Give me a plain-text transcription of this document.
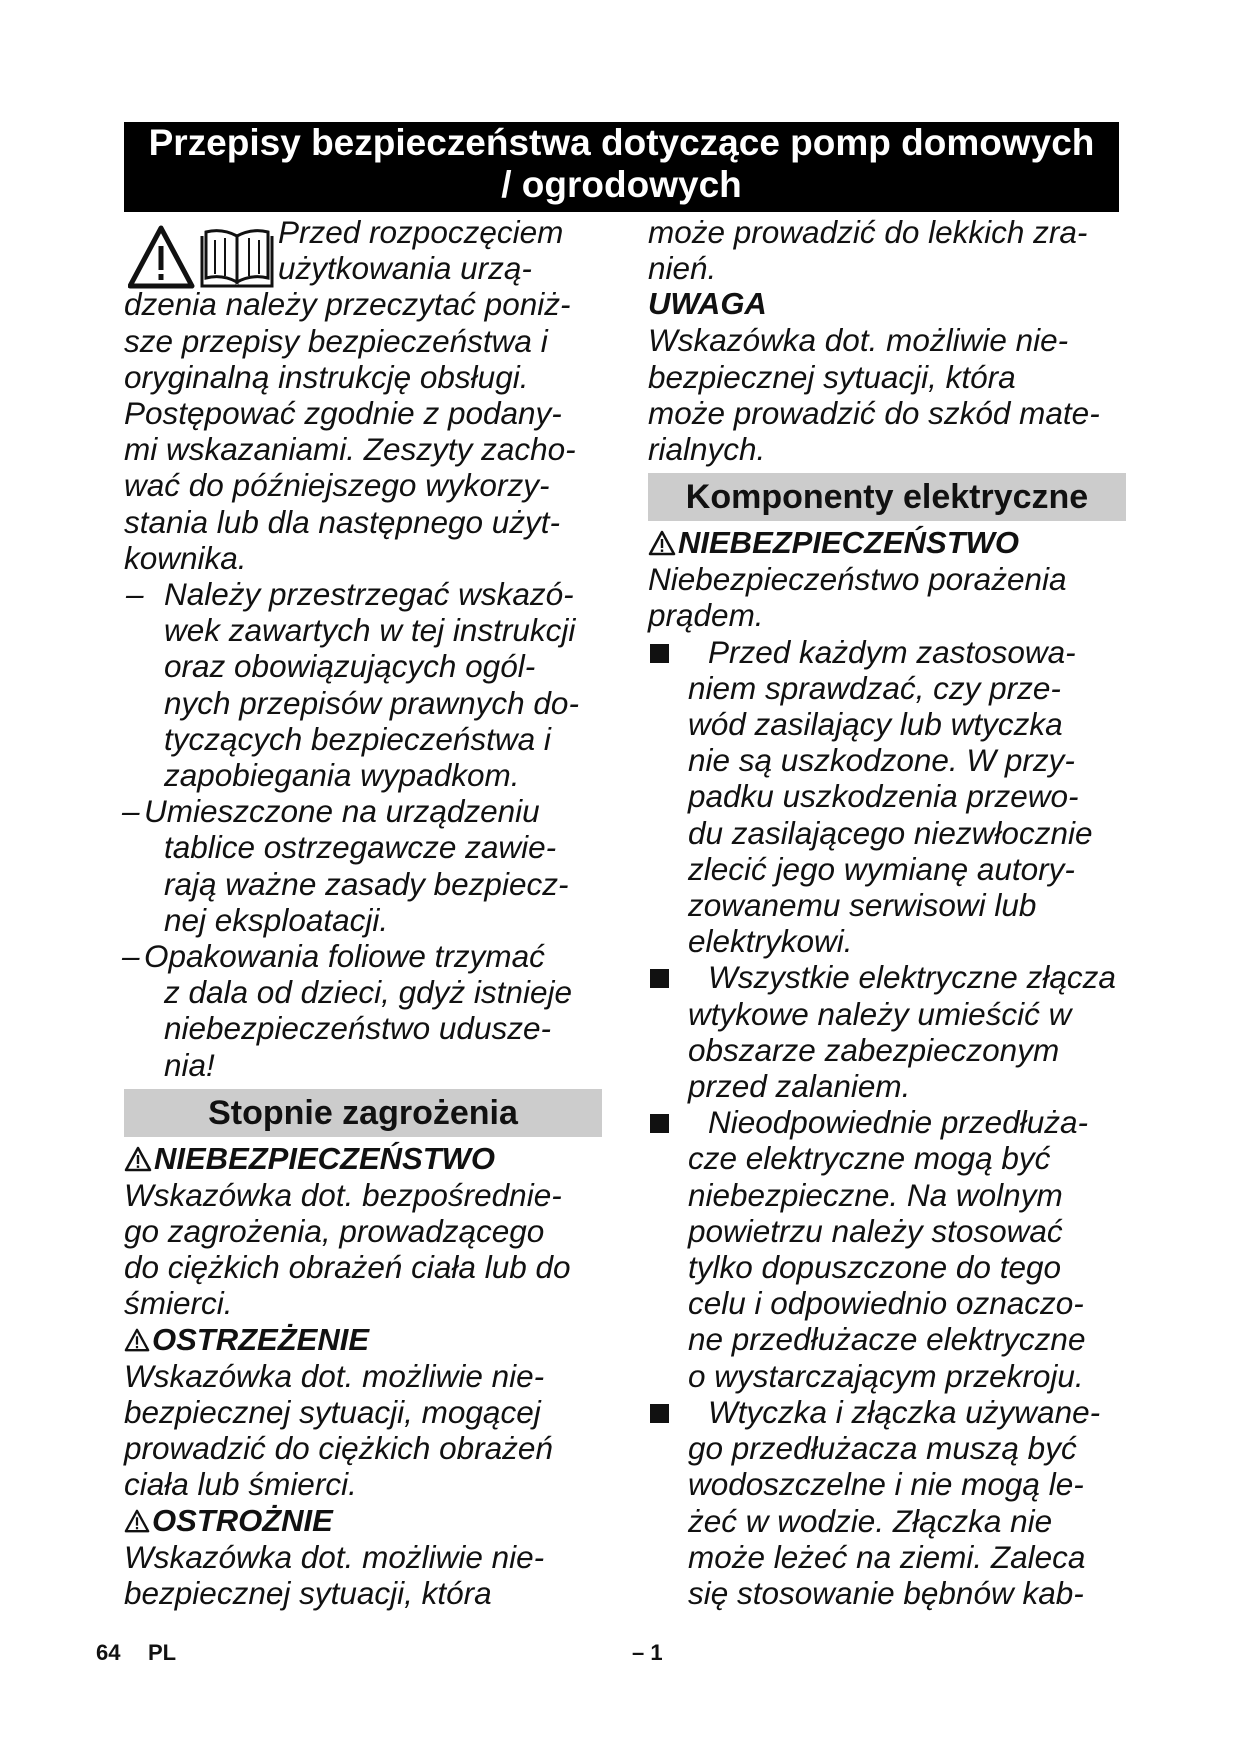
Przepisy bezpieczeństwa dotyczące pomp domowych
/ ogrodowych

Przed rozpoczęciem
użytkowania urzą-
dzenia należy przeczytać poniż-
sze przepisy bezpieczeństwa i
oryginalną instrukcję obsługi.
Postępować zgodnie z podany-
mi wskazaniami. Zeszyty zacho-
wać do późniejszego wykorzy-
stania lub dla następnego użyt-
kownika.

– Należy przestrzegać wskazó-
wek zawartych w tej instrukcji
oraz obowiązujących ogól-
nych przepisów prawnych do-
tyczących bezpieczeństwa i
zapobiegania wypadkom.
– Umieszczone na urządzeniu
tablice ostrzegawcze zawie-
rają ważne zasady bezpiecz-
nej eksploatacji.
– Opakowania foliowe trzymać
z dala od dzieci, gdyż istnieje
niebezpieczeństwo udusze-
nia!
Stopnie zagrożenia
NIEBEZPIECZEŃSTWO

Wskazówka dot. bezpośrednie-
go zagrożenia, prowadzącego
do ciężkich obrażeń ciała lub do
śmierci.

OSTRZEŻENIE

Wskazówka dot. możliwie nie-
bezpiecznej sytuacji, mogącej
prowadzić do ciężkich obrażeń
ciała lub śmierci.

OSTROŻNIE

Wskazówka dot. możliwie nie-
bezpiecznej sytuacji, która

może prowadzić do lekkich zra-
nień.

UWAGA

Wskazówka dot. możliwie nie-
bezpiecznej sytuacji, która
może prowadzić do szkód mate-
rialnych.

Komponenty elektryczne
NIEBEZPIECZEŃSTWO

Niebezpieczeństwo porażenia
prądem.

Przed każdym zastosowa-
niem sprawdzać, czy prze-
wód zasilający lub wtyczka
nie są uszkodzone. W przy-
padku uszkodzenia przewo-
du zasilającego niezwłocznie
zlecić jego wymianę autory-
zowanemu serwisowi lub
elektrykowi.
Wszystkie elektryczne złącza
wtykowe należy umieścić w
obszarze zabezpieczonym
przed zalaniem.
Nieodpowiednie przedłuża-
cze elektryczne mogą być
niebezpieczne. Na wolnym
powietrzu należy stosować
tylko dopuszczone do tego
celu i odpowiednio oznaczo-
ne przedłużacze elektryczne
o wystarczającym przekroju.
Wtyczka i złączka używane-
go przedłużacza muszą być
wodoszczelne i nie mogą le-
żeć w wodzie. Złączka nie
może leżeć na ziemi. Zaleca
się stosowanie bębnów kab-
64 PL	– 1
